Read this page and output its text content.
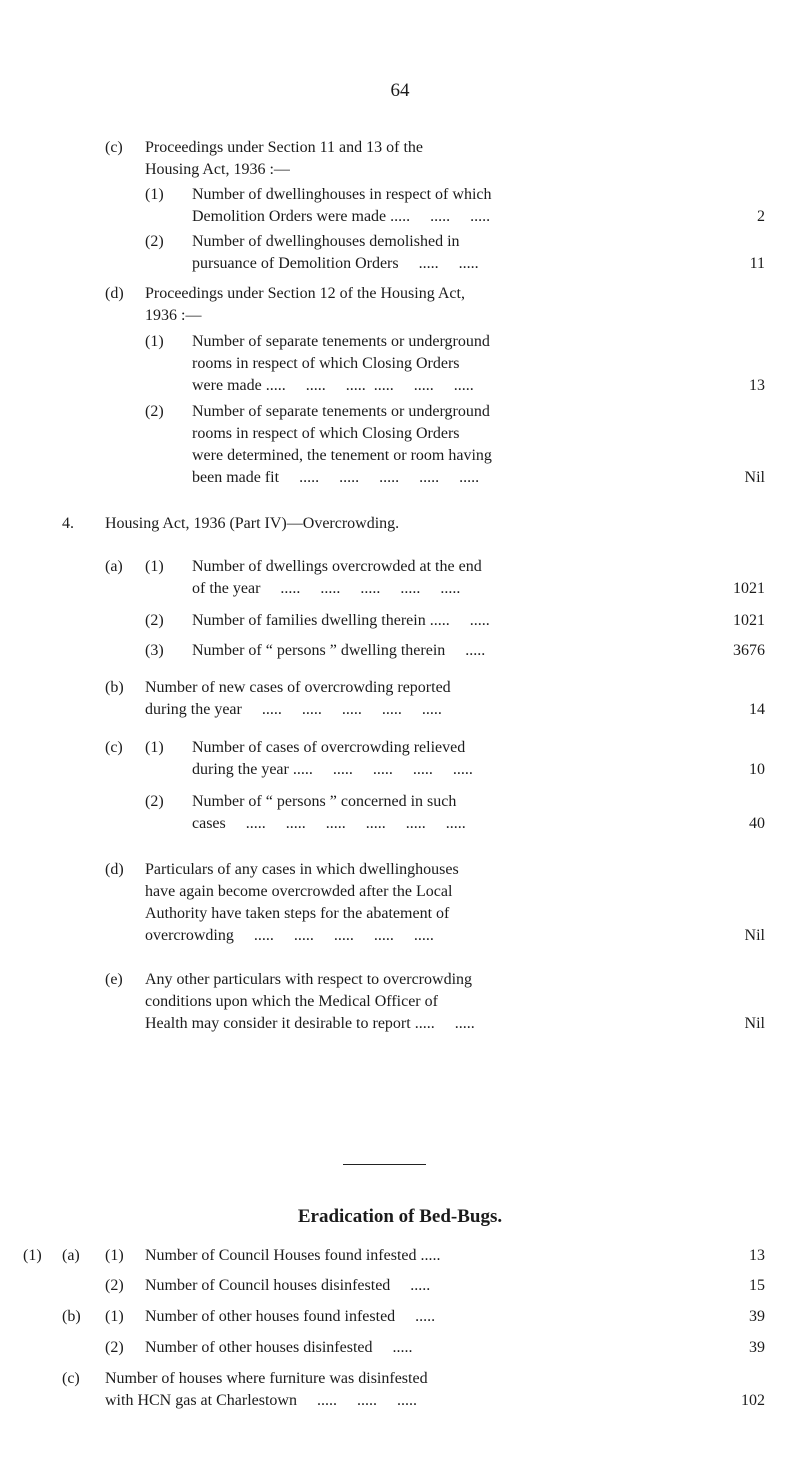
64
(c) Proceedings under Section 11 and 13 of the
Housing Act, 1936 :—
(1) Number of dwellinghouses in respect of which
Demolition Orders were made .....     .....     .....	2
(2) Number of dwellinghouses demolished in
pursuance of Demolition Orders     .....     .....	11
(d) Proceedings under Section 12 of the Housing Act,
1936 :—
(1) Number of separate tenements or underground
rooms in respect of which Closing Orders
were made .....     .....     .....  .....     .....     .....	13
(2) Number of separate tenements or underground
rooms in respect of which Closing Orders
were determined, the tenement or room having
been made fit     .....     .....     .....     .....     .....	Nil
4. Housing Act, 1936 (Part IV)—Overcrowding.
(a) (1) Number of dwellings overcrowded at the end
of the year     .....     .....     .....     .....     .....	1021
(2) Number of families dwelling therein .....     .....	1021
(3) Number of “ persons ” dwelling therein     .....	3676
(b) Number of new cases of overcrowding reported
during the year     .....     .....     .....     .....     .....	14
(c) (1) Number of cases of overcrowding relieved
during the year .....     .....     .....     .....     .....	10
(2) Number of “ persons ” concerned in such
cases     .....     .....     .....     .....     .....     .....	40
(d) Particulars of any cases in which dwellinghouses
have again become overcrowded after the Local
Authority have taken steps for the abatement of
overcrowding     .....     .....     .....     .....     .....	Nil
(e) Any other particulars with respect to overcrowding
conditions upon which the Medical Officer of
Health may consider it desirable to report .....     .....	Nil
Eradication of Bed-Bugs.
(1) (a) (1) Number of Council Houses found infested .....	13
(2) Number of Council houses disinfested     .....	15
(b) (1) Number of other houses found infested     .....	39
(2) Number of other houses disinfested     .....	39
(c) Number of houses where furniture was disinfested
with HCN gas at Charlestown     .....     .....     .....	102
